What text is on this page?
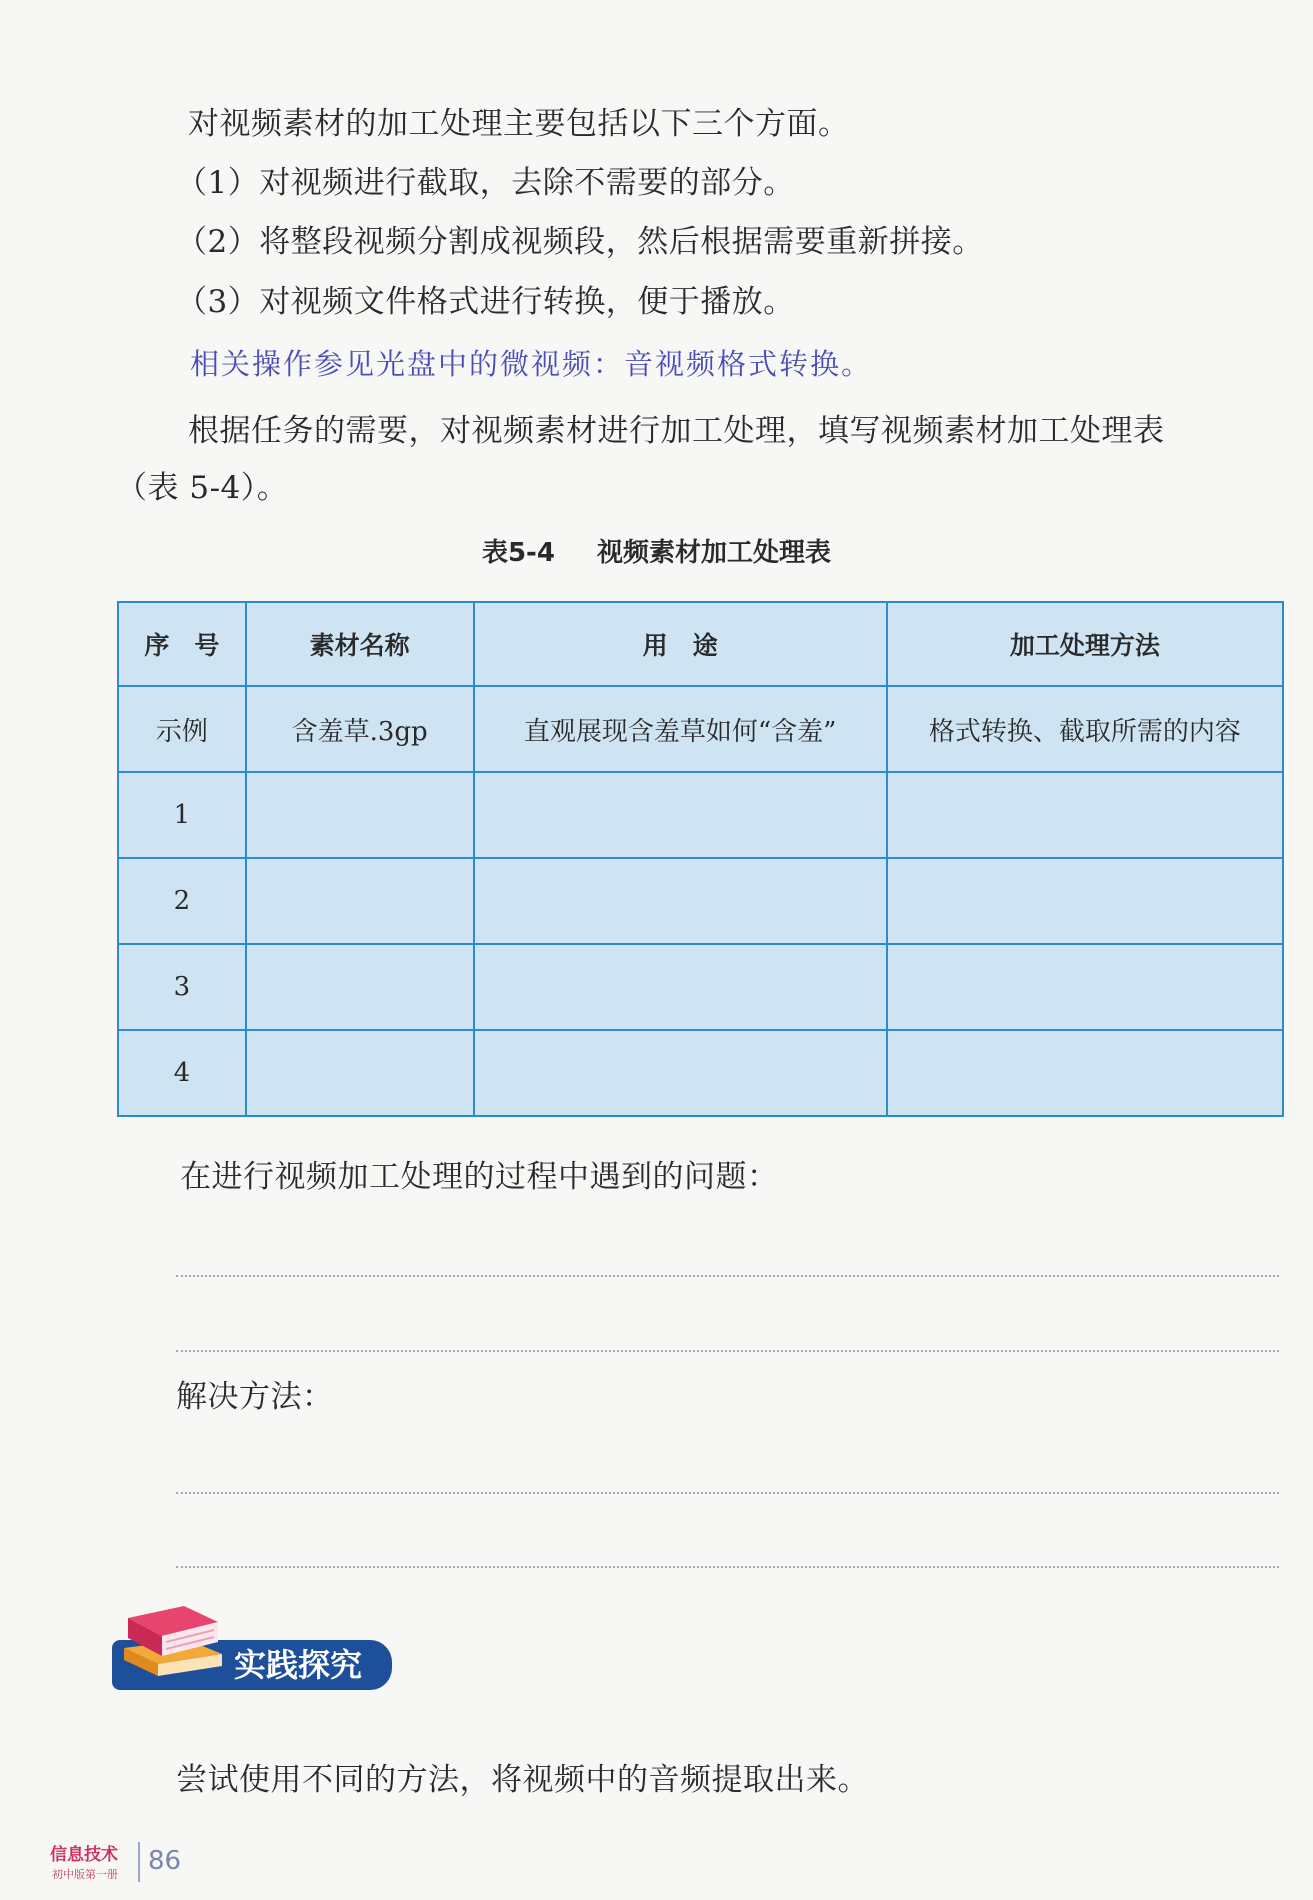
对视频素材的加工处理主要包括以下三个方面。
（1）对视频进行截取，去除不需要的部分。
（2）将整段视频分割成视频段，然后根据需要重新拼接。
（3）对视频文件格式进行转换，便于播放。
相关操作参见光盘中的微视频：音视频格式转换。
根据任务的需要，对视频素材进行加工处理，填写视频素材加工处理表
（表 5-4）。
表5-4 视频素材加工处理表
序　号	素材名称	用　途	加工处理方法
示例	含羞草.3gp	直观展现含羞草如何“含羞”	格式转换、截取所需的内容
1			
2			
3			
4			
在进行视频加工处理的过程中遇到的问题：
解决方法：
实践探究
尝试使用不同的方法，将视频中的音频提取出来。
信息技术
初中版第一册 86
